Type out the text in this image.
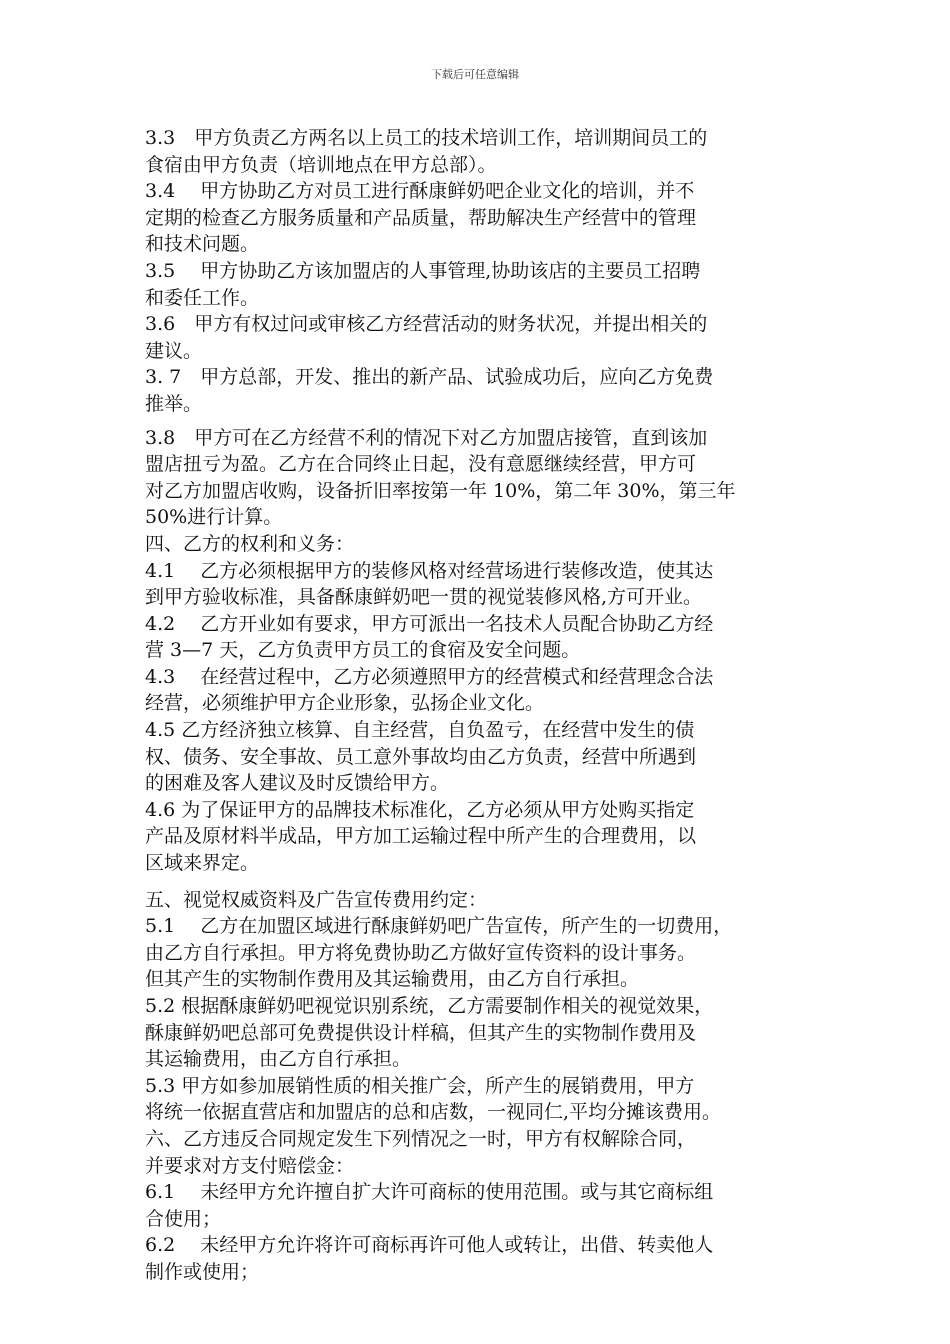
下载后可任意编辑
3.3　甲方负责乙方两名以上员工的技术培训工作，培训期间员工的
食宿由甲方负责（培训地点在甲方总部）。
3.4　 甲方协助乙方对员工进行酥康鲜奶吧企业文化的培训，并不
定期的检查乙方服务质量和产品质量，帮助解决生产经营中的管理
和技术问题。
3.5　 甲方协助乙方该加盟店的人事管理,协助该店的主要员工招聘
和委任工作。
3.6　甲方有权过问或审核乙方经营活动的财务状况，并提出相关的
建议。
3. 7　甲方总部，开发、推出的新产品、试验成功后，应向乙方免费
推举。
3.8　甲方可在乙方经营不利的情况下对乙方加盟店接管，直到该加
盟店扭亏为盈。乙方在合同终止日起，没有意愿继续经营，甲方可
对乙方加盟店收购，设备折旧率按第一年 10%，第二年 30%，第三年
50%进行计算。
四、乙方的权利和义务：
4.1　 乙方必须根据甲方的装修风格对经营场进行装修改造，使其达
到甲方验收标准，具备酥康鲜奶吧一贯的视觉装修风格,方可开业。
4.2　 乙方开业如有要求，甲方可派出一名技术人员配合协助乙方经
营 3—7 天，乙方负责甲方员工的食宿及安全问题。
4.3　 在经营过程中，乙方必须遵照甲方的经营模式和经营理念合法
经营，必须维护甲方企业形象，弘扬企业文化。
4.5 乙方经济独立核算、自主经营，自负盈亏，在经营中发生的债
权、债务、安全事故、员工意外事故均由乙方负责，经营中所遇到
的困难及客人建议及时反馈给甲方。
4.6 为了保证甲方的品牌技术标准化，乙方必须从甲方处购买指定
产品及原材料半成品，甲方加工运输过程中所产生的合理费用，以
区域来界定。
五、视觉权威资料及广告宣传费用约定：
5.1　 乙方在加盟区域进行酥康鲜奶吧广告宣传，所产生的一切费用，
由乙方自行承担。甲方将免费协助乙方做好宣传资料的设计事务。
但其产生的实物制作费用及其运输费用，由乙方自行承担。
5.2 根据酥康鲜奶吧视觉识别系统，乙方需要制作相关的视觉效果，
酥康鲜奶吧总部可免费提供设计样稿，但其产生的实物制作费用及
其运输费用，由乙方自行承担。
5.3 甲方如参加展销性质的相关推广会，所产生的展销费用，甲方
将统一依据直营店和加盟店的总和店数，一视同仁,平均分摊该费用。
六、乙方违反合同规定发生下列情况之一时，甲方有权解除合同，
并要求对方支付赔偿金：
6.1　 未经甲方允许擅自扩大许可商标的使用范围。或与其它商标组
合使用；
6.2　 未经甲方允许将许可商标再许可他人或转让，出借、转卖他人
制作或使用；
